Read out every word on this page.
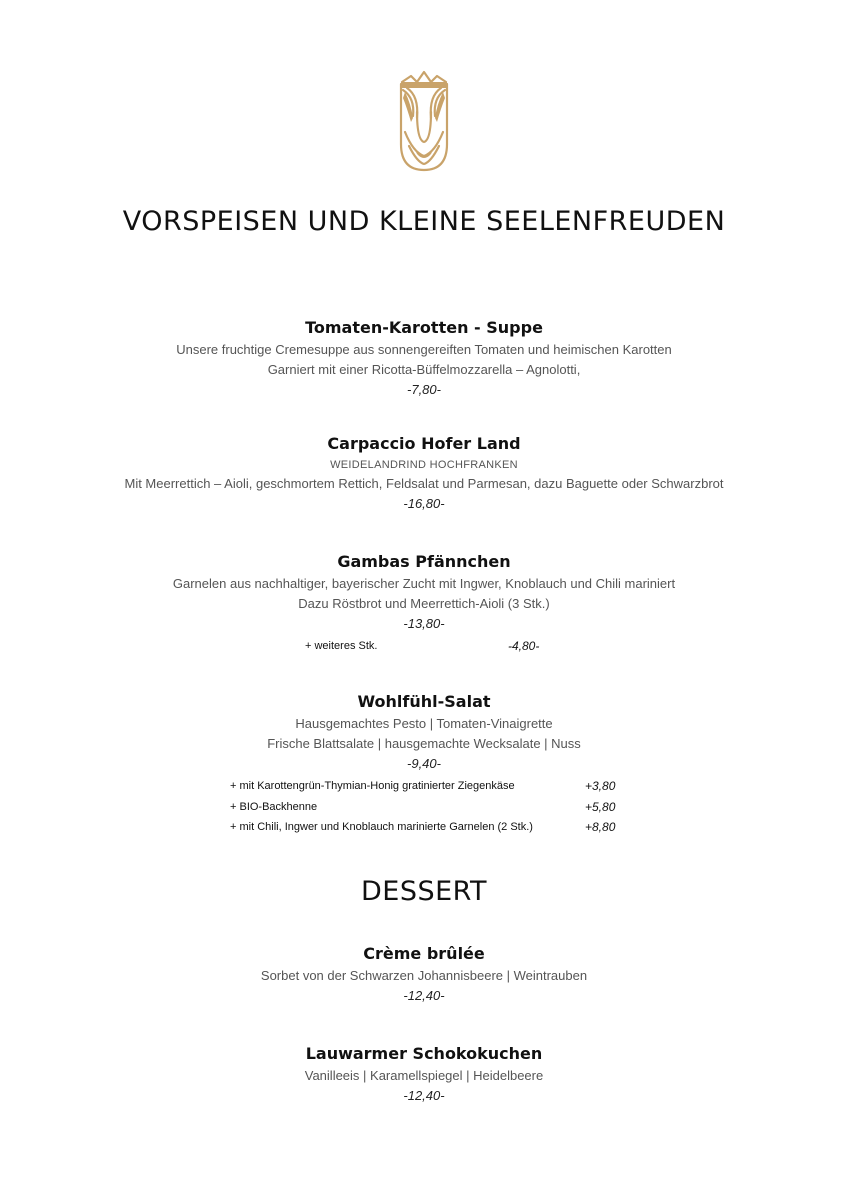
VORSPEISEN UND KLEINE SEELENFREUDEN
Tomaten-Karotten - Suppe
Unsere fruchtige Cremesuppe aus sonnengereiften Tomaten und heimischen Karotten
Garniert mit einer Ricotta-Büffelmozzarella – Agnolotti,
-7,80-
Carpaccio Hofer Land
WEIDELANDRIND HOCHFRANKEN
Mit Meerrettich – Aioli, geschmortem Rettich, Feldsalat und Parmesan, dazu Baguette oder Schwarzbrot
-16,80-
Gambas Pfännchen
Garnelen aus nachhaltiger, bayerischer Zucht mit Ingwer, Knoblauch und Chili mariniert
Dazu Röstbrot und Meerrettich-Aioli (3 Stk.)
-13,80-
+ weiteres Stk.	-4,80-
Wohlfühl-Salat
Hausgemachtes Pesto | Tomaten-Vinaigrette
Frische Blattsalate | hausgemachte Wecksalate | Nuss
-9,40-
+ mit Karottengrün-Thymian-Honig gratinierter Ziegenkäse	+3,80
+ BIO-Backhenne	+5,80
+ mit Chili, Ingwer und Knoblauch marinierte Garnelen (2 Stk.)	+8,80
DESSERT
Crème brûlée
Sorbet von der Schwarzen Johannisbeere | Weintrauben
-12,40-
Lauwarmer Schokokuchen
Vanilleeis | Karamellspiegel | Heidelbeere
-12,40-
